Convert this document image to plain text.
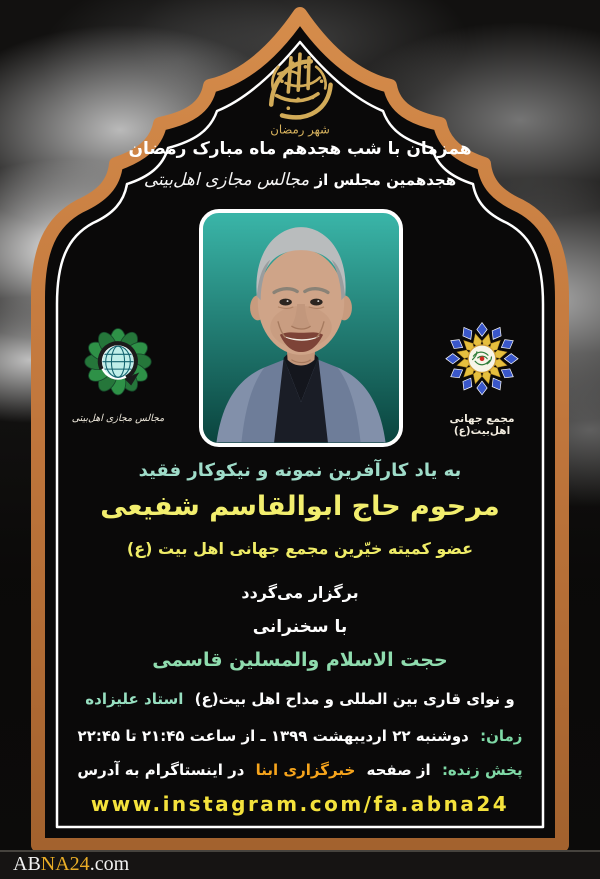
شهر رمضان
همزمان با شب هجدهم ماه مبارک رمضان
هجدهمین مجلس از مجالس مجازی اهل‌بیتی
مجالس مجازی اهل‌بیتی	مجمع جهانی اهل‌بیت(ع)
به یاد کارآفرین نمونه و نیکوکار فقید
مرحوم حاج ابوالقاسم شفیعی
عضو کمیته خیّرین مجمع جهانی اهل بیت (ع)
برگزار می‌گردد
با سخنرانی
حجت الاسلام والمسلین قاسمی
و نوای قاری بین المللی و مداح اهل بیت(ع) استاد علیزاده
زمان: دوشنبه ۲۲ اردیبهشت ۱۳۹۹ ـ از ساعت ۲۱:۴۵ تا ۲۲:۴۵
پخش زنده: از صفحه خبرگزاری ابنا در اینستاگرام به آدرس
www.instagram.com/fa.abna24
ABNA24.com
